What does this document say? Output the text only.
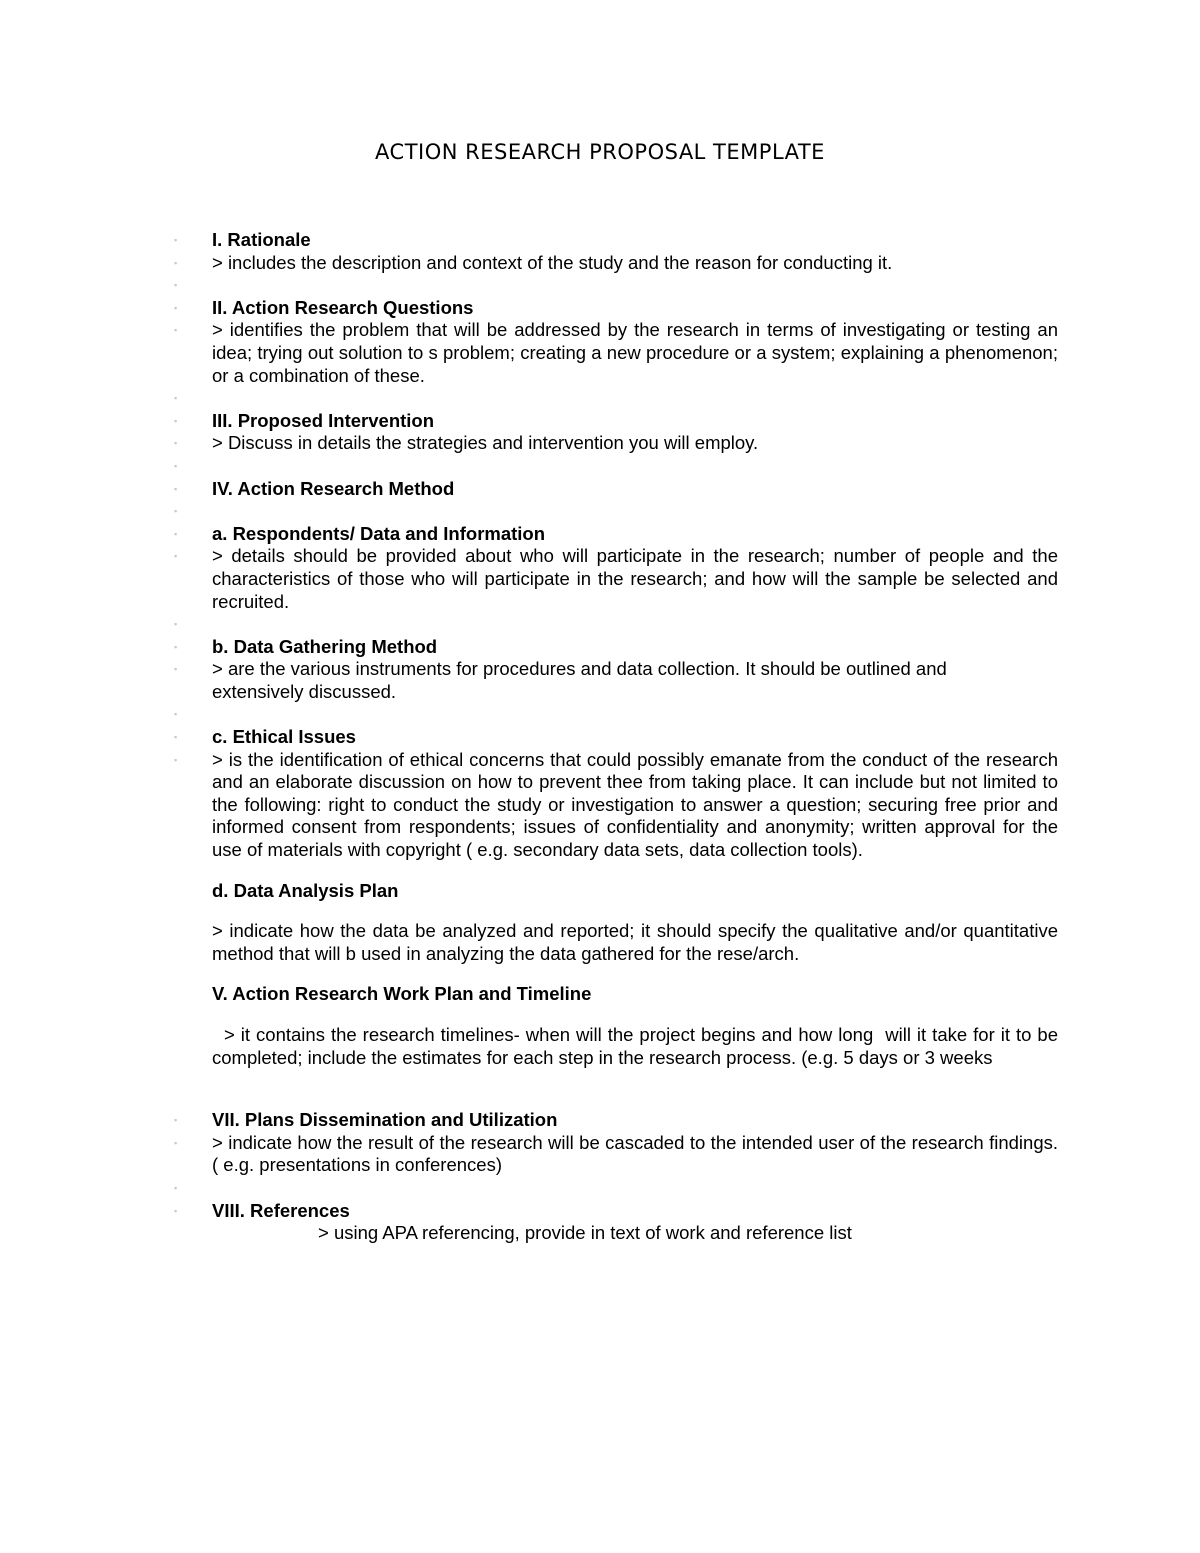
ACTION RESEARCH PROPOSAL TEMPLATE

▪ I. Rationale

▪ > includes the description and context of the study and the reason for conducting it.

▪

▪ II. Action Research Questions

▪ > identifies the problem that will be addressed by the research in terms of investigating or testing an idea; trying out solution to s problem; creating a new procedure or a system; explaining a phenomenon; or a combination of these.

▪

▪ III. Proposed Intervention

▪ > Discuss in details the strategies and intervention you will employ.

▪

▪ IV. Action Research Method

▪

▪ a. Respondents/ Data and Information

▪ > details should be provided about who will participate in the research; number of people and the characteristics of those who will participate in the research; and how will the sample be selected and recruited.

▪

▪ b. Data Gathering Method

▪ > are the various instruments for procedures and data collection. It should be outlined and extensively discussed.

▪

▪ c. Ethical Issues

▪ > is the identification of ethical concerns that could possibly emanate from the conduct of the research and an elaborate discussion on how to prevent thee from taking place. It can include but not limited to the following: right to conduct the study or investigation to answer a question; securing free prior and informed consent from respondents; issues of confidentiality and anonymity; written approval for the use of materials with copyright ( e.g. secondary data sets, data collection tools).

d. Data Analysis Plan

> indicate how the data be analyzed and reported; it should specify the qualitative and/or quantitative method that will b used in analyzing the data gathered for the rese/arch.

V. Action Research Work Plan and Timeline

> it contains the research timelines- when will the project begins and how long  will it take for it to be completed; include the estimates for each step in the research process. (e.g. 5 days or 3 weeks

▪ VII. Plans Dissemination and Utilization

▪ > indicate how the result of the research will be cascaded to the intended user of the research findings.( e.g. presentations in conferences)

▪

▪ VIII. References

> using APA referencing, provide in text of work and reference list
